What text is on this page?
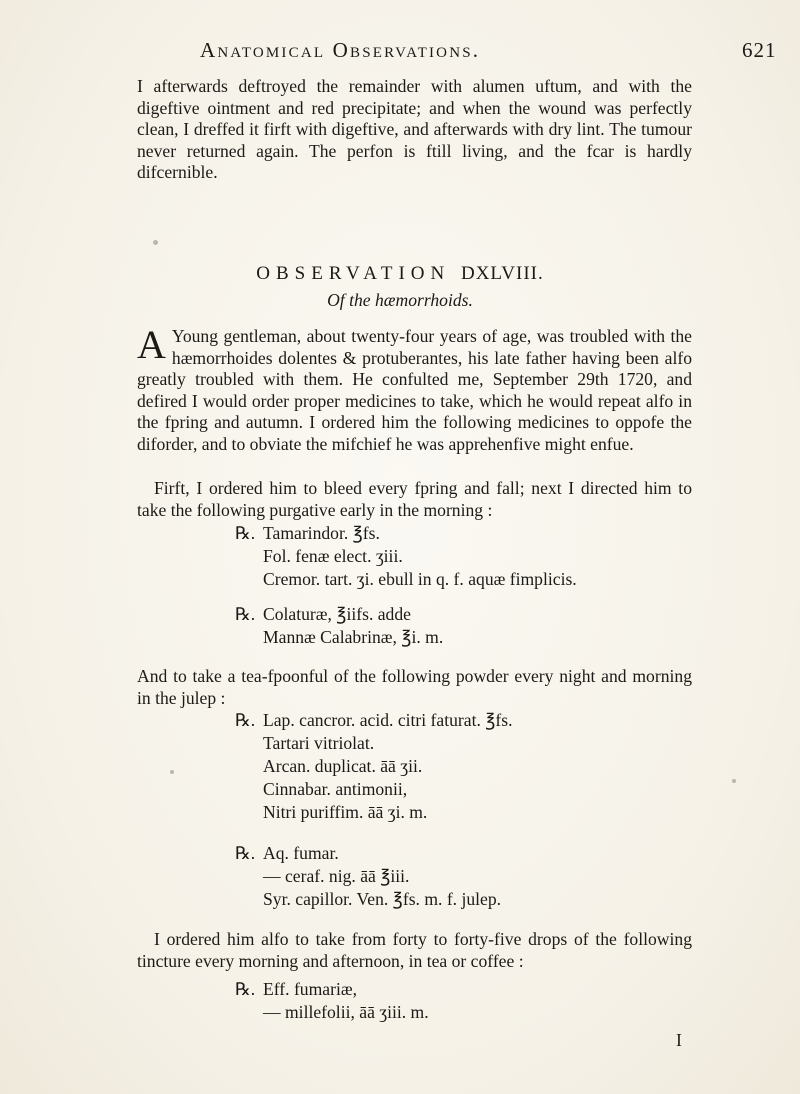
Anatomical Observations.	621

I afterwards deftroyed the remainder with alumen uftum, and with the digeftive ointment and red precipitate; and when the wound was perfectly clean, I dreffed it firft with digeftive, and afterwards with dry lint. The tumour never returned again. The perfon is ftill living, and the fcar is hardly difcernible.

OBSERVATION DXLVIII.
Of the hæmorrhoids.

A Young gentleman, about twenty-four years of age, was troubled with the hæmorrhoides dolentes & protuberantes, his late father having been alfo greatly troubled with them. He confulted me, September 29th 1720, and defired I would order proper medicines to take, which he would repeat alfo in the fpring and autumn. I ordered him the following medicines to oppofe the diforder, and to obviate the mifchief he was apprehenfive might enfue.

Firft, I ordered him to bleed every fpring and fall; next I directed him to take the following purgative early in the morning :

℞. Tamarindor. ℥fs.
Fol. fenæ elect. ʒiii.
Cremor. tart. ʒi. ebull in q. f. aquæ fimplicis.
℞. Colaturæ, ℥iifs. adde
Mannæ Calabrinæ, ℥i. m.

And to take a tea-fpoonful of the following powder every night and morning in the julep :

℞. Lap. cancror. acid. citri faturat. ℥fs.
Tartari vitriolat.
Arcan. duplicat. āā ʒii.
Cinnabar. antimonii,
Nitri puriffim. āā ʒi. m.
℞. Aq. fumar.
— ceraf. nig. āā ℥iii.
Syr. capillor. Ven. ℥fs. m. f. julep.

I ordered him alfo to take from forty to forty-five drops of the following tincture every morning and afternoon, in tea or coffee :

℞. Eff. fumariæ,
— millefolii, āā ʒiii. m.
I
